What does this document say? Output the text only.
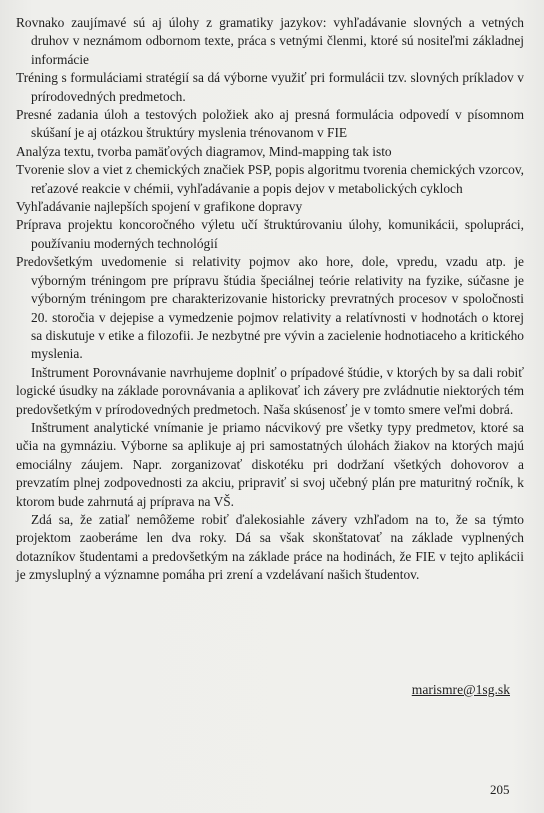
Rovnako zaujímavé sú aj úlohy z gramatiky jazykov: vyhľadávanie slovných a vetných druhov v neznámom odbornom texte, práca s vetnými členmi, ktoré sú nositeľmi základnej informácie

Tréning s formuláciami stratégií sa dá výborne využiť pri formulácii tzv. slovných príkladov v prírodovedných predmetoch.

Presné zadania úloh a testových položiek ako aj presná formulácia odpovedí v písomnom skúšaní je aj otázkou štruktúry myslenia trénovanom v FIE

Analýza textu, tvorba pamäťových diagramov, Mind-mapping tak isto

Tvorenie slov a viet z chemických značiek PSP, popis algoritmu tvorenia chemických vzorcov, reťazové reakcie v chémii, vyhľadávanie a popis dejov v metabolických cykloch

Vyhľadávanie najlepších spojení v grafikone dopravy

Príprava projektu koncoročného výletu učí štruktúrovaniu úlohy, komunikácii, spolupráci, používaniu moderných technológií

Predovšetkým uvedomenie si relativity pojmov ako hore, dole, vpredu, vzadu atp. je výborným tréningom pre prípravu štúdia špeciálnej teórie relativity na fyzike, súčasne je výborným tréningom pre charakterizovanie historicky prevratných procesov v spoločnosti 20. storočia v dejepise a vymedzenie pojmov relativity a relatívnosti v hodnotách o ktorej sa diskutuje v etike a filozofii. Je nezbytné pre vývin a zacielenie hodnotiaceho a kritického myslenia.

Inštrument Porovnávanie navrhujeme doplniť o prípadové štúdie, v ktorých by sa dali robiť logické úsudky na základe porovnávania a aplikovať ich závery pre zvládnutie niektorých tém predovšetkým v prírodovedných predmetoch. Naša skúsenosť je v tomto smere veľmi dobrá.

Inštrument analytické vnímanie je priamo nácvikový pre všetky typy predmetov, ktoré sa učia na gymnáziu. Výborne sa aplikuje aj pri samostatných úlohách žiakov na ktorých majú emociálny záujem. Napr. zorganizovať diskotéku pri dodržaní všetkých dohovorov a prevzatím plnej zodpovednosti za akciu, pripraviť si svoj učebný plán pre maturitný ročník, k ktorom bude zahrnutá aj príprava na VŠ.

Zdá sa, že zatiaľ nemôžeme robiť ďalekosiahle závery vzhľadom na to, že sa týmto projektom zaoberáme len dva roky. Dá sa však skonštatovať na základe vyplnených dotazníkov študentami a predovšetkým na základe práce na hodinách, že FIE v tejto aplikácii je zmysluplný a významne pomáha pri zrení a vzdelávaní našich študentov.

marismre@1sg.sk
205
